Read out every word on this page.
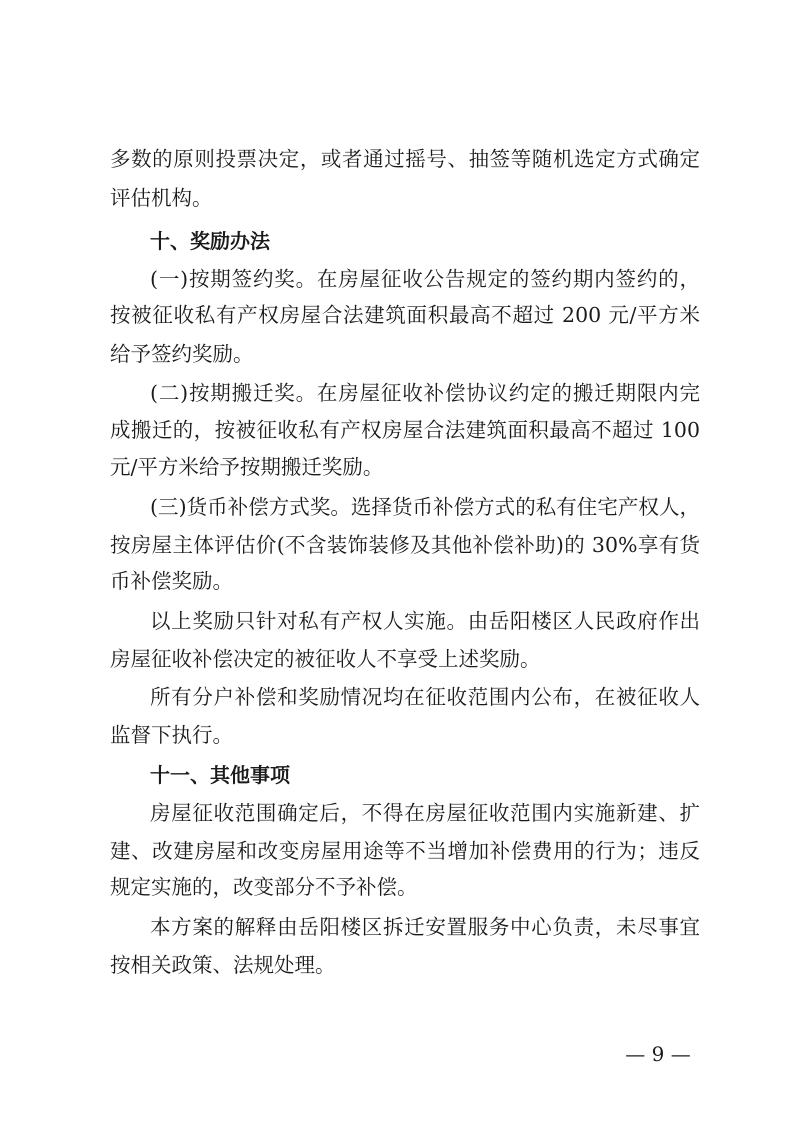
多数的原则投票决定，或者通过摇号、抽签等随机选定方式确定
评估机构。
十、奖励办法
(一)按期签约奖。在房屋征收公告规定的签约期内签约的，
按被征收私有产权房屋合法建筑面积最高不超过 200 元/平方米
给予签约奖励。
(二)按期搬迁奖。在房屋征收补偿协议约定的搬迁期限内完
成搬迁的，按被征收私有产权房屋合法建筑面积最高不超过 100
元/平方米给予按期搬迁奖励。
(三)货币补偿方式奖。选择货币补偿方式的私有住宅产权人，
按房屋主体评估价(不含装饰装修及其他补偿补助)的 30%享有货
币补偿奖励。
以上奖励只针对私有产权人实施。由岳阳楼区人民政府作出
房屋征收补偿决定的被征收人不享受上述奖励。
所有分户补偿和奖励情况均在征收范围内公布，在被征收人
监督下执行。
十一、其他事项
房屋征收范围确定后，不得在房屋征收范围内实施新建、扩
建、改建房屋和改变房屋用途等不当增加补偿费用的行为；违反
规定实施的，改变部分不予补偿。
本方案的解释由岳阳楼区拆迁安置服务中心负责，未尽事宜
按相关政策、法规处理。
— 9 —
